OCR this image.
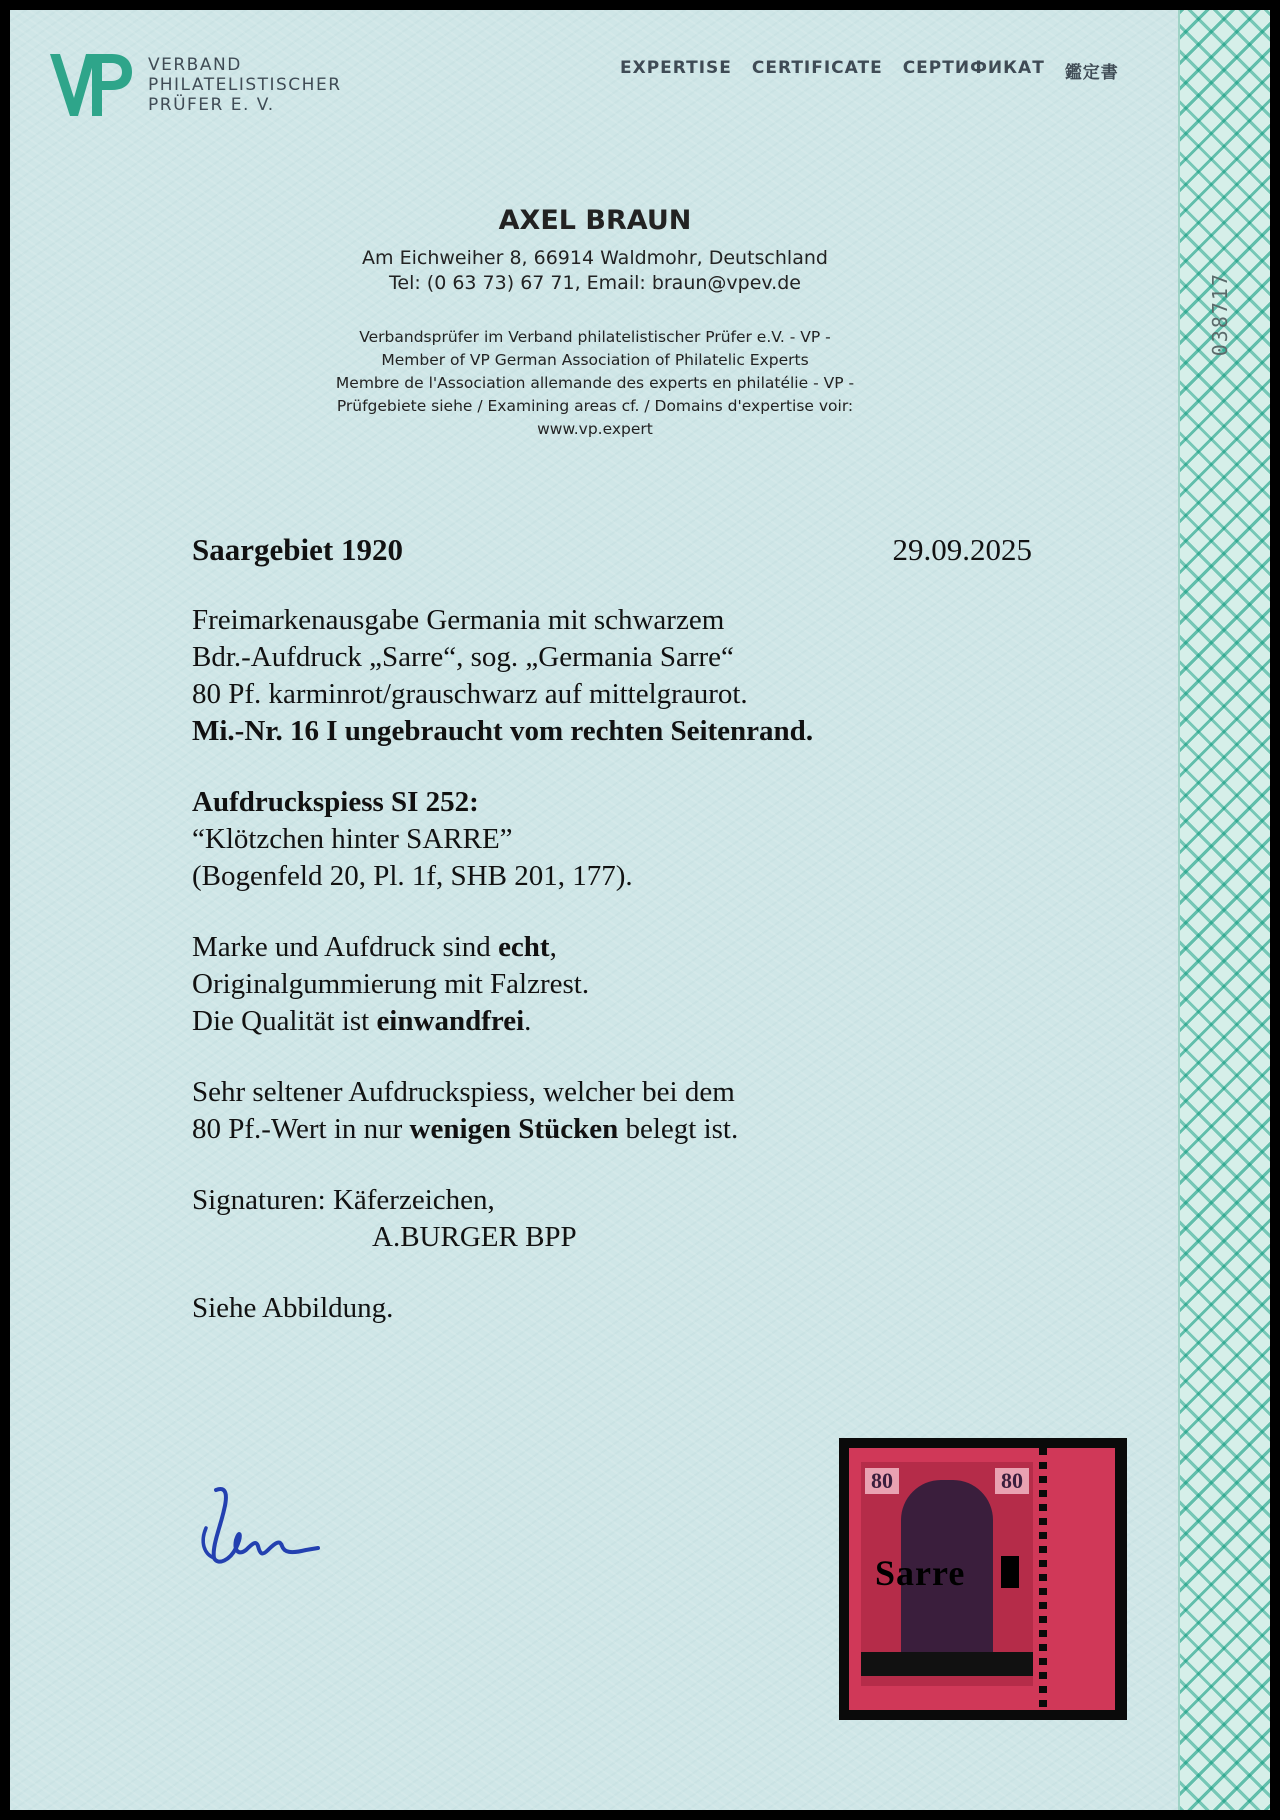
038717
VERBAND
PHILATELISTISCHER
PRÜFER E. V.
EXPERTISE CERTIFICATE СЕРТИФИКАТ 鑑定書
AXEL BRAUN
Am Eichweiher 8, 66914 Waldmohr, Deutschland
Tel: (0 63 73) 67 71, Email: braun@vpev.de
Verbandsprüfer im Verband philatelistischer Prüfer e.V. - VP -
Member of VP German Association of Philatelic Experts
Membre de l'Association allemande des experts en philatélie - VP -
Prüfgebiete siehe / Examining areas cf. / Domains d'expertise voir:
www.vp.expert
Saargebiet 1920	29.09.2025
Freimarkenausgabe Germania mit schwarzem
Bdr.-Aufdruck „Sarre“, sog. „Germania Sarre“
80 Pf. karminrot/grauschwarz auf mittelgraurot.
Mi.-Nr. 16 I ungebraucht vom rechten Seitenrand.
Aufdruckspiess SI 252:
“Klötzchen hinter SARRE”
(Bogenfeld 20, Pl. 1f, SHB 201, 177).
Marke und Aufdruck sind echt,
Originalgummierung mit Falzrest.
Die Qualität ist einwandfrei.
Sehr seltener Aufdruckspiess, welcher bei dem
80 Pf.-Wert in nur wenigen Stücken belegt ist.
Signaturen: Käferzeichen,
A.BURGER BPP
Siehe Abbildung.
80	80
Sarre
